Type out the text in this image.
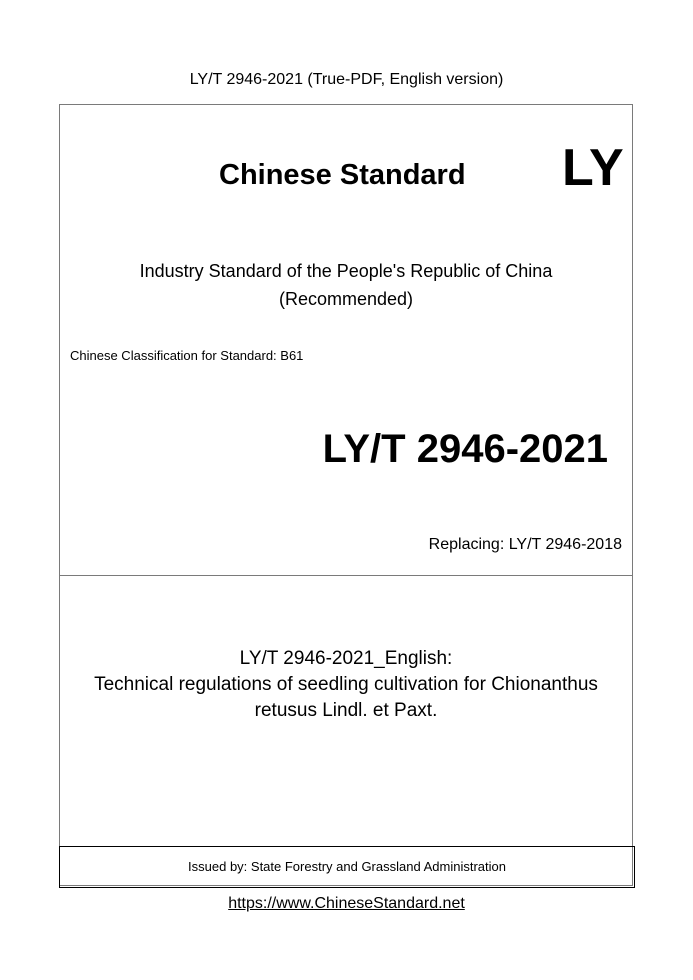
LY/T 2946-2021 (True-PDF, English version)
Chinese Standard LY
Industry Standard of the People's Republic of China
(Recommended)
Chinese Classification for Standard: B61
LY/T 2946-2021
Replacing: LY/T 2946-2018
LY/T 2946-2021_English:
Technical regulations of seedling cultivation for Chionanthus
retusus Lindl. et Paxt.
Issued by: State Forestry and Grassland Administration
https://www.ChineseStandard.net
